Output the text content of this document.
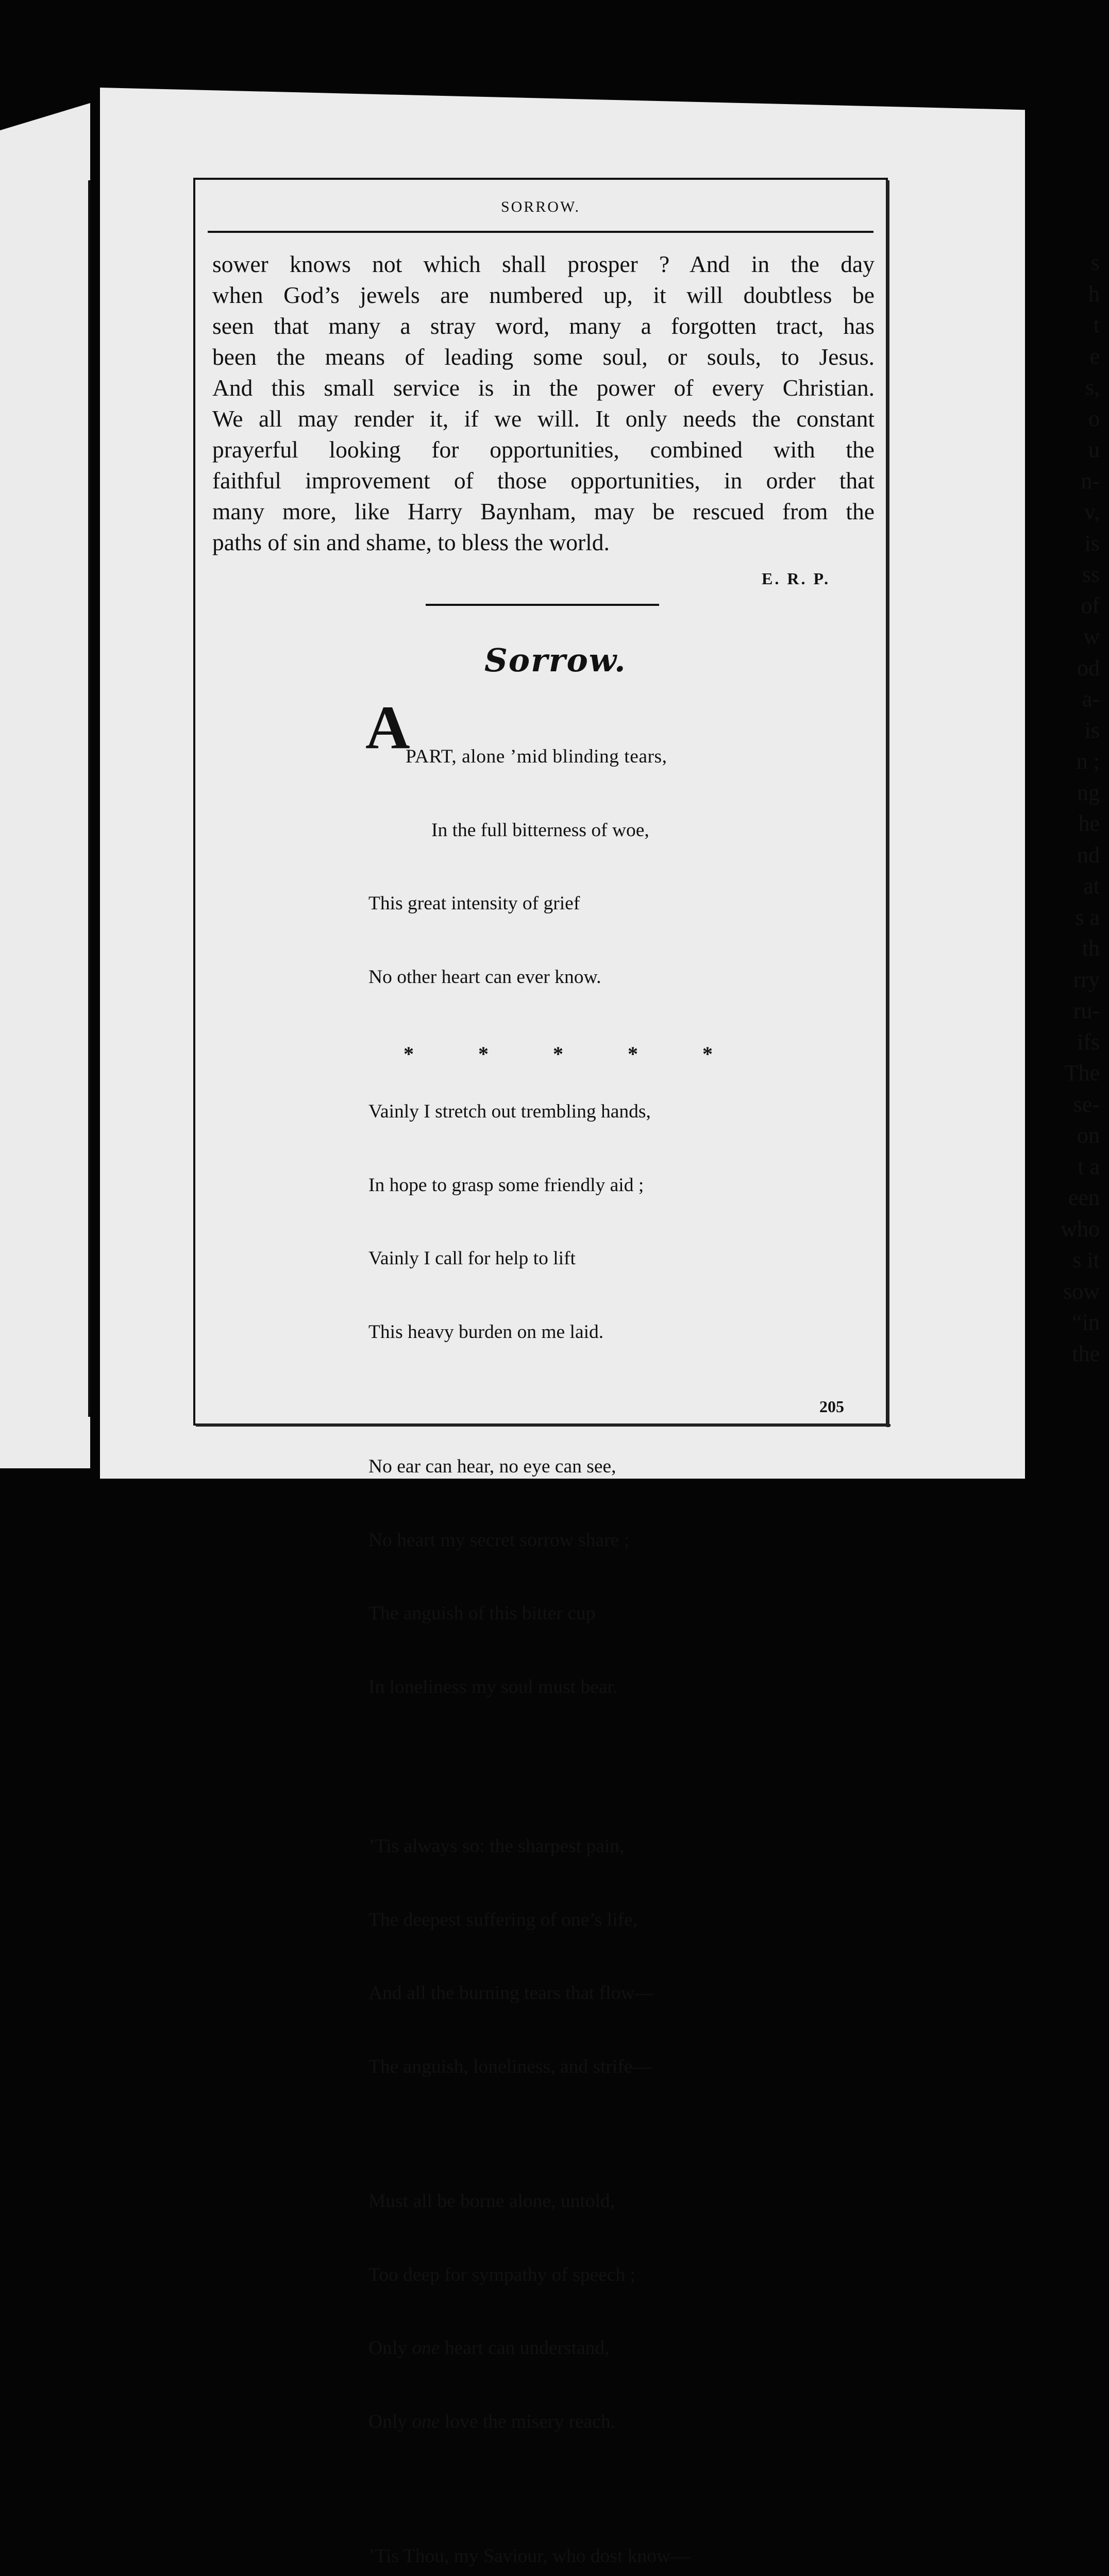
s
h
t
e
s,
o
u
n-
v,
is
ss
of
w
od
a-
is
n ;
ng
he
nd
at
s a
th
rry
ru-
ifs
The
se-
on
t a
een
who
s it
sow
“in
the
SORROW.
sower knows not which shall prosper ? And in the day
when God’s jewels are numbered up, it will doubtless be
seen that many a stray word, many a forgotten tract, has
been the means of leading some soul, or souls, to Jesus.
And this small service is in the power of every Christian.
We all may render it, if we will. It only needs the constant
prayerful looking for opportunities, combined with the
faithful improvement of those opportunities, in order that
many more, like Harry Baynham, may be rescued from the
paths of sin and shame, to bless the world.
E. R. P.
Sorrow.
A

PART, alone ’mid blinding tears,

In the full bitterness of woe,

This great intensity of grief

No other heart can ever know.

Vainly I stretch out trembling hands,

In hope to grasp some friendly aid ;

Vainly I call for help to lift

This heavy burden on me laid.

No ear can hear, no eye can see,

No heart my secret sorrow share ;

The anguish of this bitter cup

In loneliness my soul must bear.

’Tis always so: the sharpest pain,

The deepest suffering of one’s life,

And all the burning tears that flow—

The anguish, loneliness, and strife—

Must all be borne alone, untold,

Too deep for sympathy of speech ;

Only one heart can understand,

Only one love the misery reach.

’Tis Thou, my Saviour, who dost know—

*	*	*	*	*
205
